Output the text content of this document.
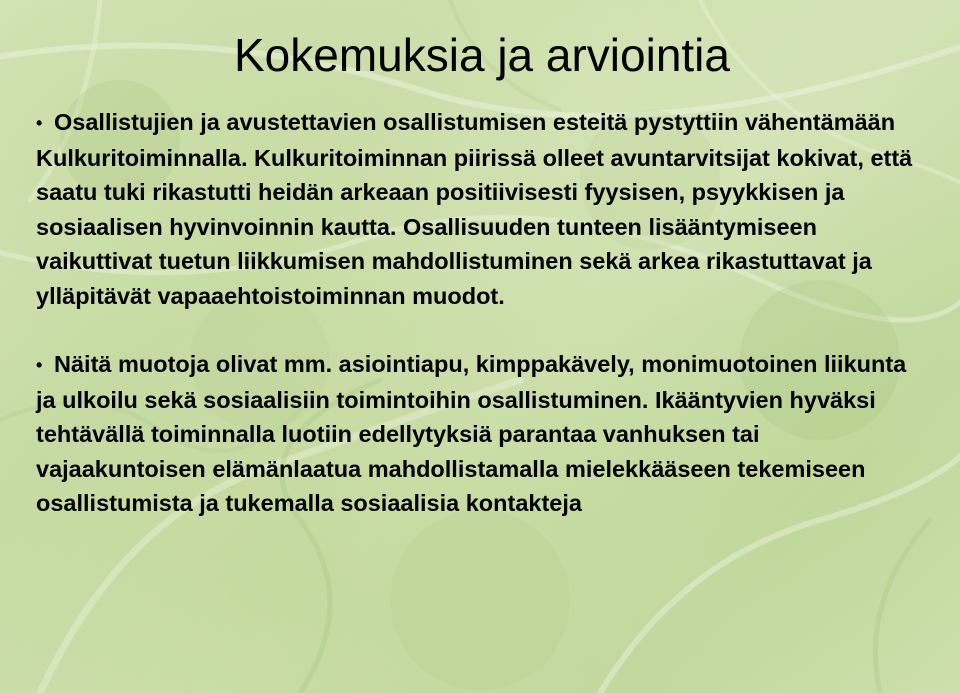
Kokemuksia ja arviointia
• Osallistujien ja avustettavien osallistumisen esteitä pystyttiin vähentämään Kulkuritoiminnalla. Kulkuritoiminnan piirissä olleet avuntarvitsijat kokivat, että saatu tuki rikastutti heidän arkeaan positiivisesti fyysisen, psyykkisen ja sosiaalisen hyvinvoinnin kautta. Osallisuuden tunteen lisääntymiseen vaikuttivat tuetun liikkumisen mahdollistuminen sekä arkea rikastuttavat ja ylläpitävät vapaaehtoistoiminnan muodot.
• Näitä muotoja olivat mm. asiointiapu, kimppakävely, monimuotoinen liikunta ja ulkoilu sekä sosiaalisiin toimintoihin osallistuminen. Ikääntyvien hyväksi tehtävällä toiminnalla luotiin edellytyksiä parantaa vanhuksen tai vajaakuntoisen elämänlaatua mahdollistamalla mielekkääseen tekemiseen osallistumista ja tukemalla sosiaalisia kontakteja
